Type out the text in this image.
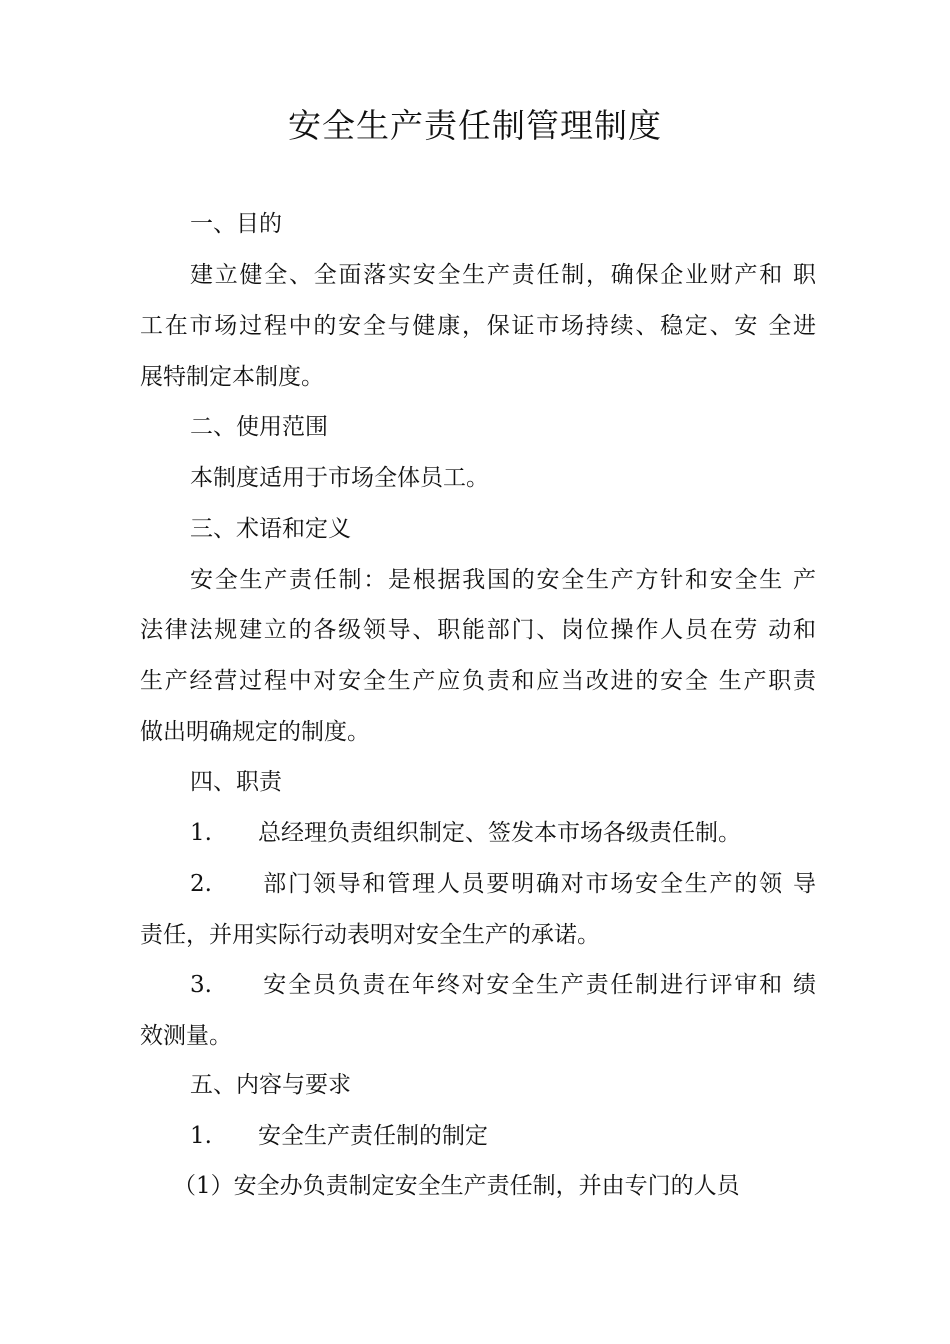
安全生产责任制管理制度
一、目的
建立健全、全面落实安全生产责任制，确保企业财产和 职
工在市场过程中的安全与健康，保证市场持续、稳定、安 全进
展特制定本制度。
二、使用范围
本制度适用于市场全体员工。
三、术语和定义
安全生产责任制：是根据我国的安全生产方针和安全生 产
法律法规建立的各级领导、职能部门、岗位操作人员在劳 动和
生产经营过程中对安全生产应负责和应当改进的安全 生产职责
做出明确规定的制度。
四、职责
1.　　总经理负责组织制定、签发本市场各级责任制。
2.　　部门领导和管理人员要明确对市场安全生产的领 导
责任，并用实际行动表明对安全生产的承诺。
3.　　安全员负责在年终对安全生产责任制进行评审和 绩
效测量。
五、内容与要求
1.　　安全生产责任制的制定
（1）安全办负责制定安全生产责任制，并由专门的人员
